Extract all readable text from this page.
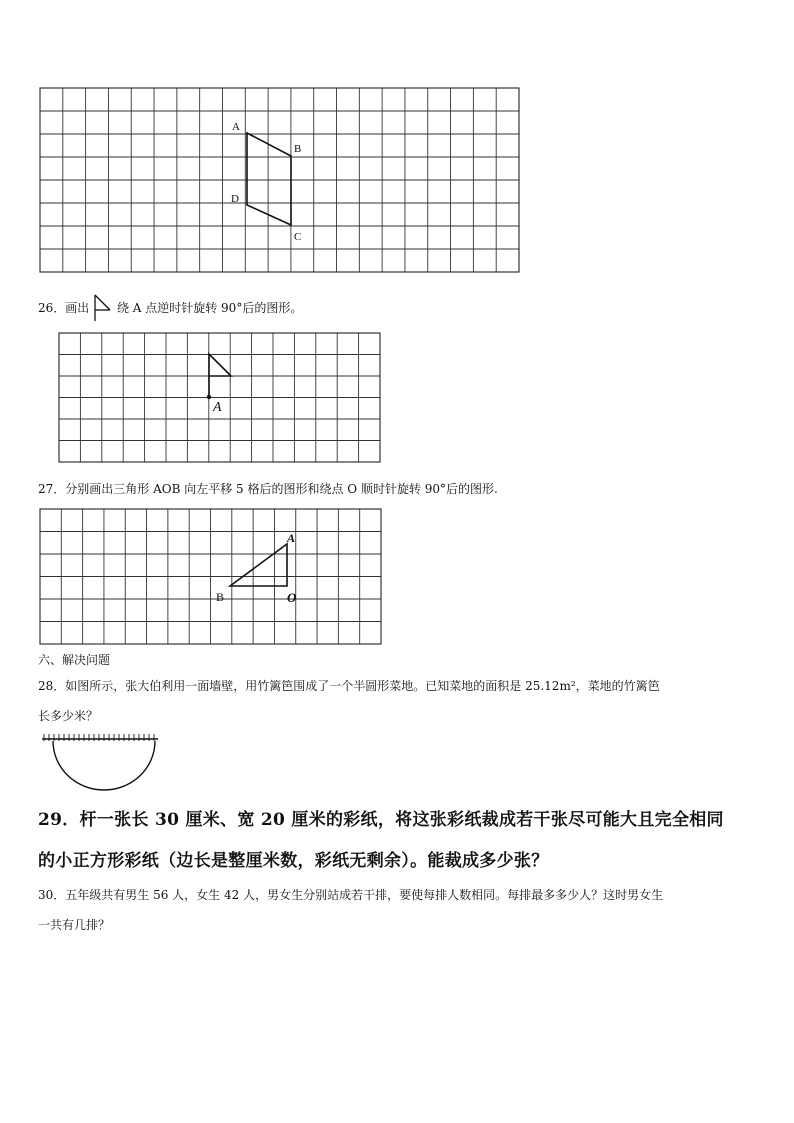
A
B
C
D
26．画出 绕 A 点逆时针旋转 90°后的图形。
A
27．分别画出三角形 AOB 向左平移 5 格后的图形和绕点 O 顺时针旋转 90°后的图形.
A
B	O
六、解决问题
28．如图所示，张大伯利用一面墙壁，用竹篱笆围成了一个半圆形菜地。已知菜地的面积是 25.12m²，菜地的竹篱笆
长多少米？
29．杆一张长 30 厘米、宽 20 厘米的彩纸，将这张彩纸裁成若干张尽可能大且完全相同
的小正方形彩纸（边长是整厘米数，彩纸无剩余）。能裁成多少张？
30．五年级共有男生 56 人，女生 42 人，男女生分别站成若干排，要使每排人数相同。每排最多多少人？这时男女生
一共有几排？
